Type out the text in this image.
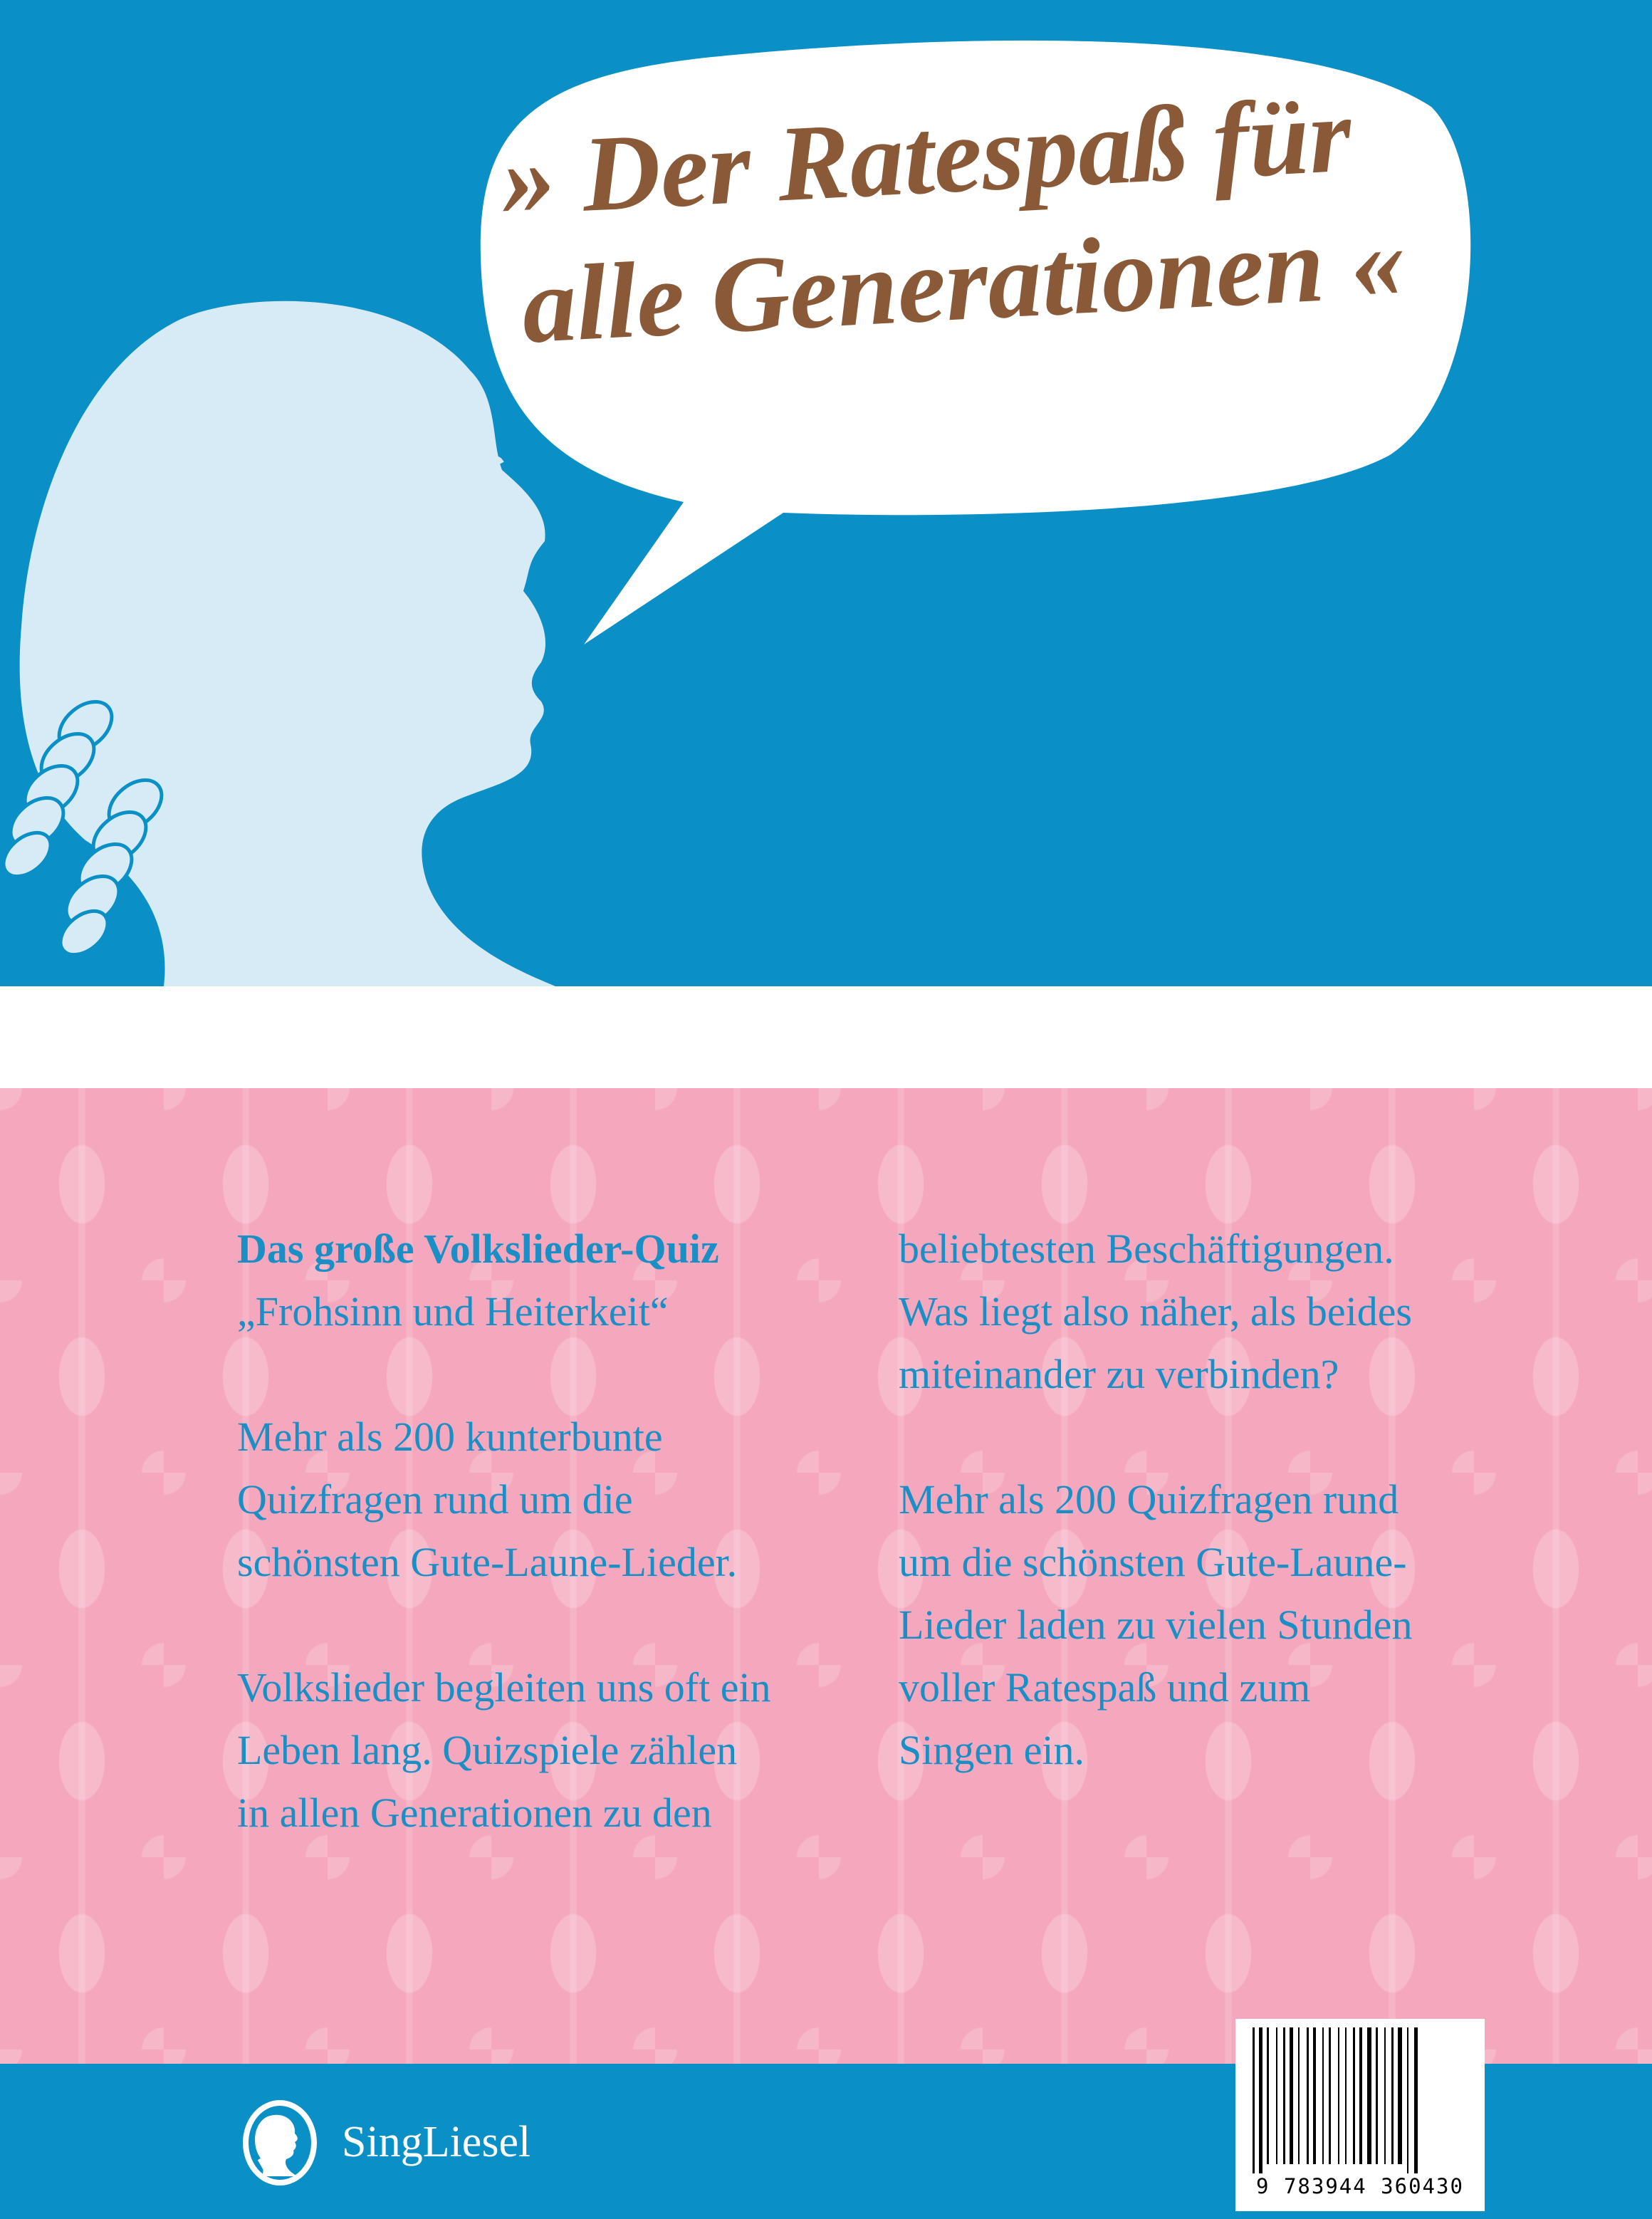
» Der Ratespaß für
alle Generationen «

Das große Volkslieder-Quiz

„Frohsinn und Heiterkeit“

Mehr als 200 kunterbunte

Quizfragen rund um die

schönsten Gute-Laune-Lieder.

Volkslieder begleiten uns oft ein

Leben lang. Quizspiele zählen

in allen Generationen zu den

beliebtesten Beschäftigungen.

Was liegt also näher, als beides

miteinander zu verbinden?

Mehr als 200 Quizfragen rund

um die schönsten Gute-Laune-

Lieder laden zu vielen Stunden

voller Ratespaß und zum

Singen ein.

SingLiesel
9 783944 360430
